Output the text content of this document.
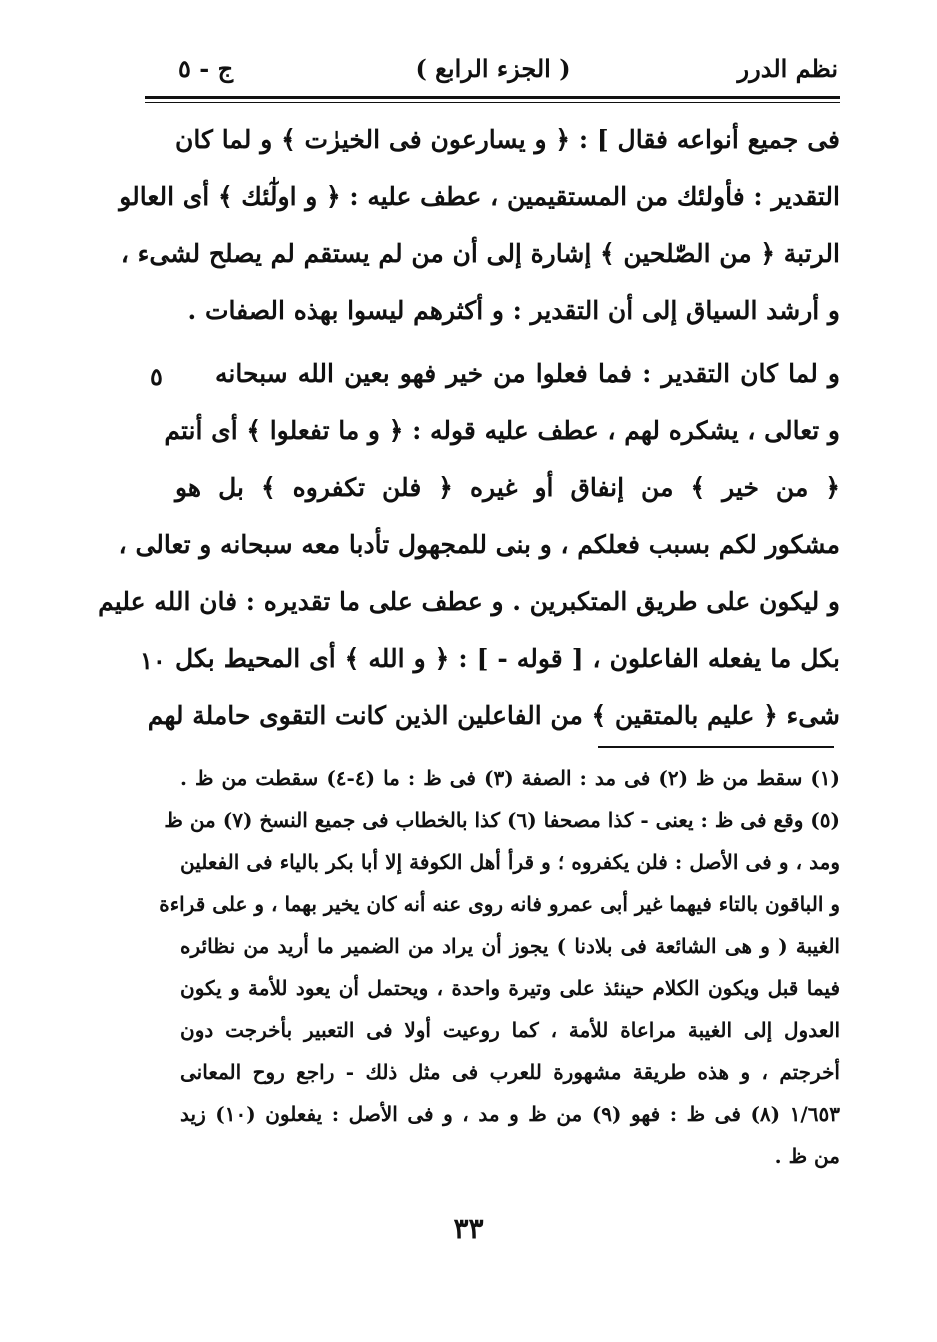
نظم الدرر
( الجزء الرابع )
ج - ٥
فى جميع أنواعه فقال ] : ﴿ و يسارعون فى الخيرٰت ﴾ و لما كان
التقدير : فأولئك من المستقيمين ، عطف عليه : ﴿ و اولٰٓئك ﴾ أى العالو
الرتبة ﴿ من الصّٰلحين ﴾ إشارة إلى أن من لم يستقم لم يصلح لشىء ،
و أرشد السياق إلى أن التقدير : و أكثرهم ليسوا بهذه الصفات .
و لما كان التقدير : فما فعلوا من خير فهو بعين الله سبحانه
و تعالى ، يشكره لهم ، عطف عليه قوله : ﴿ و ما تفعلوا ﴾ أى أنتم
﴿ من خير ﴾ من إنفاق أو غيره ﴿ فلن تكفروه ﴾ بل هو
مشكور لكم بسبب فعلكم ، و بنى للمجهول تأدبا معه سبحانه و تعالى ،
و ليكون على طريق المتكبرين . و عطف على ما تقديره : فان الله عليم
بكل ما يفعله الفاعلون ، [ قوله - ] : ﴿ و الله ﴾ أى المحيط بكل
شىء ﴿ عليم بالمتقين ﴾ من الفاعلين الذين كانت التقوى حاملة لهم
٥
١٠
(١) سقط من ظ (٢) فى مد : الصفة (٣) فى ظ : ما (٤-٤) سقطت من ظ .
(٥) وقع فى ظ : يعنى - كذا مصحفا (٦) كذا بالخطاب فى جميع النسخ (٧) من ظ
ومد ، و فى الأصل : فلن يكفروه ؛ و قرأ أهل الكوفة إلا أبا بكر بالياء فى الفعلين
و الباقون بالتاء فيهما غير أبى عمرو فانه روى عنه أنه كان يخير بهما ، و على قراءة
الغيبة ( و هى الشائعة فى بلادنا ) يجوز أن يراد من الضمير ما أريد من نظائره
فيما قبل ويكون الكلام حينئذ على وتيرة واحدة ، ويحتمل أن يعود للأمة و يكون
العدول إلى الغيبة مراعاة للأمة ، كما روعيت أولا فى التعبير بأخرجت دون
أخرجتم ، و هذه طريقة مشهورة للعرب فى مثل ذلك - راجع روح المعانى
١/٦٥٣ (٨) فى ظ : فهو (٩) من ظ و مد ، و فى الأصل : يفعلون (١٠) زيد
من ظ .
٣٣
